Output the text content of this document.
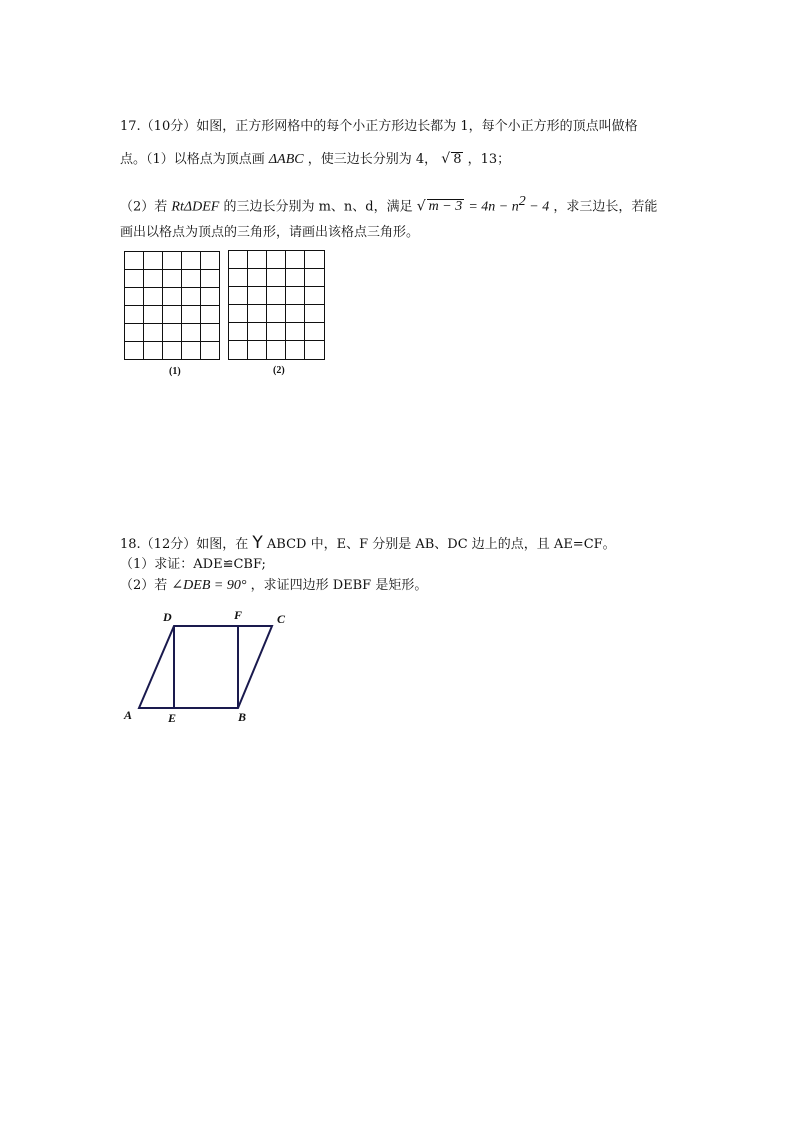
17.（10分）如图，正方形网格中的每个小正方形边长都为 1，每个小正方形的顶点叫做格
点。（1）以格点为顶点画 ΔABC ，使三边长分别为 4， √ 8 ，13；
（2）若 RtΔDEF 的三边长分别为 m、n、d，满足 √ $m - 3 = 4n - n^2 - 4$ ，求三边长，若能
画出以格点为顶点的三角形，请画出该格点三角形。
(1)	(2)
18.（12分）如图，在 Y ABCD 中，E、F 分别是 AB、DC 边上的点，且 AE=CF。
（1）求证：ADE≌CBF;
（2）若 ∠DEB = 90° ，求证四边形 DEBF 是矩形。
D	F	C
A	E	B
